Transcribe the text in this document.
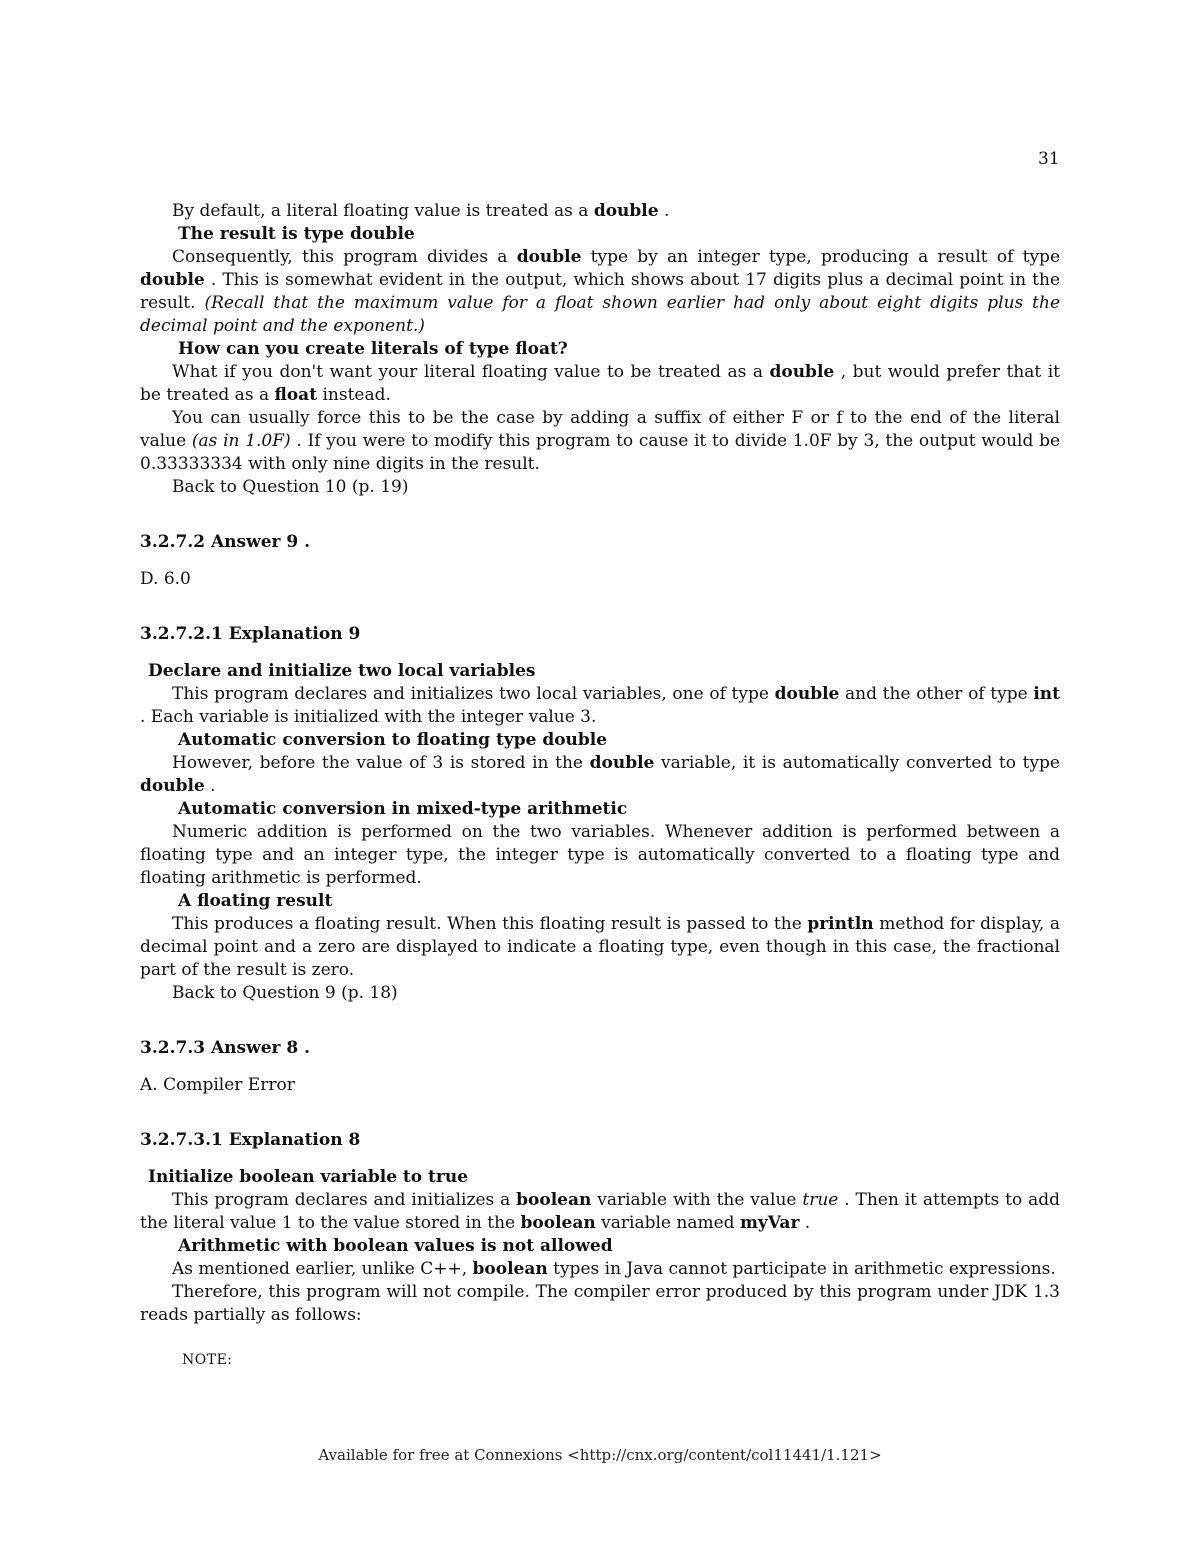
31

By default, a literal floating value is treated as a double .

The result is type double

Consequently, this program divides a double type by an integer type, producing a result of type double . This is somewhat evident in the output, which shows about 17 digits plus a decimal point in the result. (Recall that the maximum value for a float shown earlier had only about eight digits plus the decimal point and the exponent.)

How can you create literals of type float?

What if you don't want your literal floating value to be treated as a double , but would prefer that it be treated as a float instead.

You can usually force this to be the case by adding a suffix of either F or f to the end of the literal value (as in 1.0F) . If you were to modify this program to cause it to divide 1.0F by 3, the output would be 0.33333334 with only nine digits in the result.

Back to Question 10 (p. 19)

3.2.7.2 Answer 9 .

D. 6.0

3.2.7.2.1 Explanation 9
Declare and initialize two local variables

This program declares and initializes two local variables, one of type double and the other of type int . Each variable is initialized with the integer value 3.

Automatic conversion to floating type double

However, before the value of 3 is stored in the double variable, it is automatically converted to type double .

Automatic conversion in mixed-type arithmetic

Numeric addition is performed on the two variables. Whenever addition is performed between a floating type and an integer type, the integer type is automatically converted to a floating type and floating arithmetic is performed.

A floating result

This produces a floating result. When this floating result is passed to the println method for display, a decimal point and a zero are displayed to indicate a floating type, even though in this case, the fractional part of the result is zero.

Back to Question 9 (p. 18)

3.2.7.3 Answer 8 .

A. Compiler Error

3.2.7.3.1 Explanation 8
Initialize boolean variable to true

This program declares and initializes a boolean variable with the value true . Then it attempts to add the literal value 1 to the value stored in the boolean variable named myVar .

Arithmetic with boolean values is not allowed

As mentioned earlier, unlike C++, boolean types in Java cannot participate in arithmetic expressions.

Therefore, this program will not compile. The compiler error produced by this program under JDK 1.3 reads partially as follows:

NOTE:
Available for free at Connexions <http://cnx.org/content/col11441/1.121>
